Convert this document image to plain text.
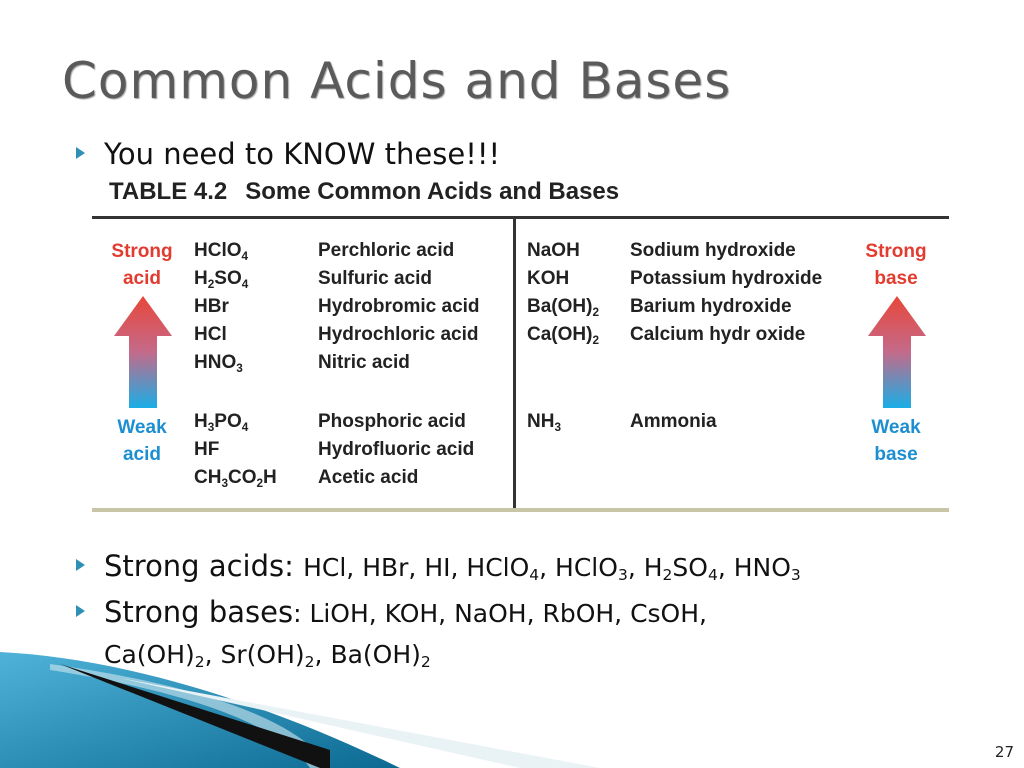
Common Acids and Bases
You need to KNOW these!!!
TABLE 4.2 Some Common Acids and Bases
Strong
acid
Weak
acid
HClO$_4$	Perchloric acid
$H_2SO_4$	Sulfuric acid
HBr	Hydrobromic acid
HCl	Hydrochloric acid
$HNO_3$	Nitric acid
$H_3PO_4$	Phosphoric acid
HF	Hydrofluoric acid
$CH_3CO_2H$ Acetic acid
NaOH	Sodium hydroxide
KOH	Potassium hydroxide
$Ba(OH)_2$ Barium hydroxide
$Ca(OH)_2$ Calcium hydr oxide
$NH_3$	Ammonia
Strong
base
Weak
base
Strong acids: HCl, HBr, HI, HClO$_4$, HClO$_3$, $H_2SO_4$, $HNO_3$
Strong bases: LiOH, KOH, NaOH, RbOH, CsOH,
$Ca(OH)_2$, $Sr(OH)_2$, $Ba(OH)_2$
27
